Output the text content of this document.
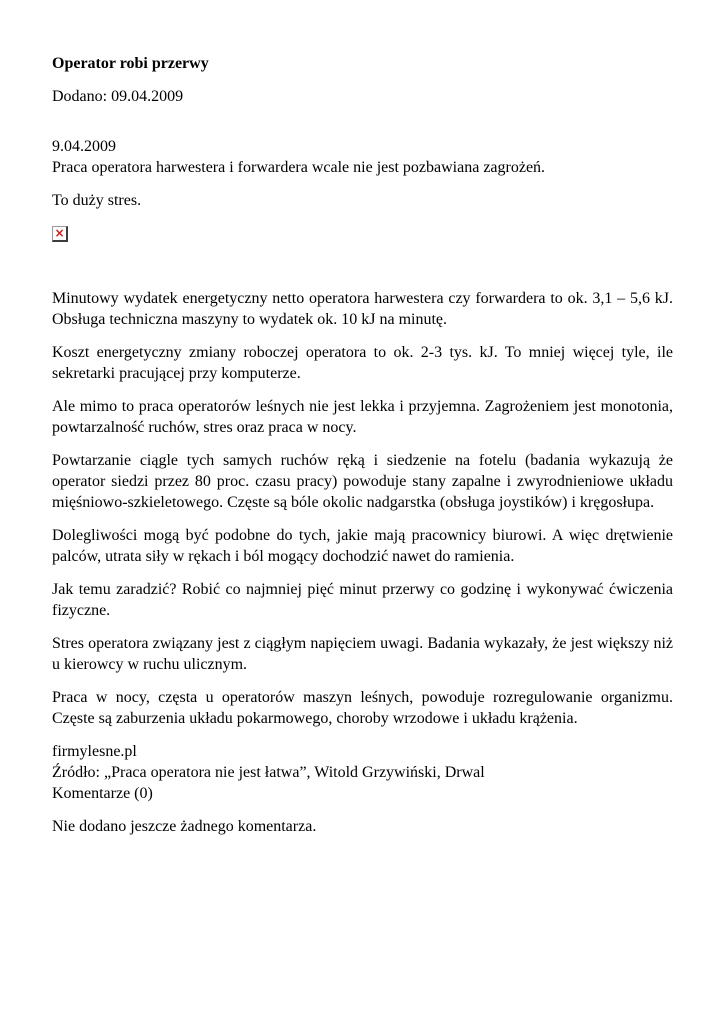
Operator robi przerwy

Dodano: 09.04.2009

9.04.2009
Praca operatora harwestera i forwardera wcale nie jest pozbawiana zagrożeń.

To duży stres.

×

Minutowy wydatek energetyczny netto operatora harwestera czy forwardera to ok. 3,1 – 5,6 kJ. Obsługa techniczna maszyny to wydatek ok. 10 kJ na minutę.

Koszt energetyczny zmiany roboczej operatora to ok. 2-3 tys. kJ. To mniej więcej tyle, ile sekretarki pracującej przy komputerze.

Ale mimo to praca operatorów leśnych nie jest lekka i przyjemna. Zagrożeniem jest monotonia, powtarzalność ruchów, stres oraz praca w nocy.

Powtarzanie ciągle tych samych ruchów ręką i siedzenie na fotelu (badania wykazują że operator siedzi przez 80 proc. czasu pracy) powoduje stany zapalne i zwyrodnieniowe układu mięśniowo-szkieletowego. Częste są bóle okolic nadgarstka (obsługa joystików) i kręgosłupa.

Dolegliwości mogą być podobne do tych, jakie mają pracownicy biurowi. A więc drętwienie palców, utrata siły w rękach i ból mogący dochodzić nawet do ramienia.

Jak temu zaradzić? Robić co najmniej pięć minut przerwy co godzinę i wykonywać ćwiczenia fizyczne.

Stres operatora związany jest z ciągłym napięciem uwagi. Badania wykazały, że jest większy niż u kierowcy w ruchu ulicznym.

Praca w nocy, częsta u operatorów maszyn leśnych, powoduje rozregulowanie organizmu. Częste są zaburzenia układu pokarmowego, choroby wrzodowe i układu krążenia.

firmylesne.pl
Źródło: „Praca operatora nie jest łatwa”, Witold Grzywiński, Drwal
Komentarze (0)

Nie dodano jeszcze żadnego komentarza.
